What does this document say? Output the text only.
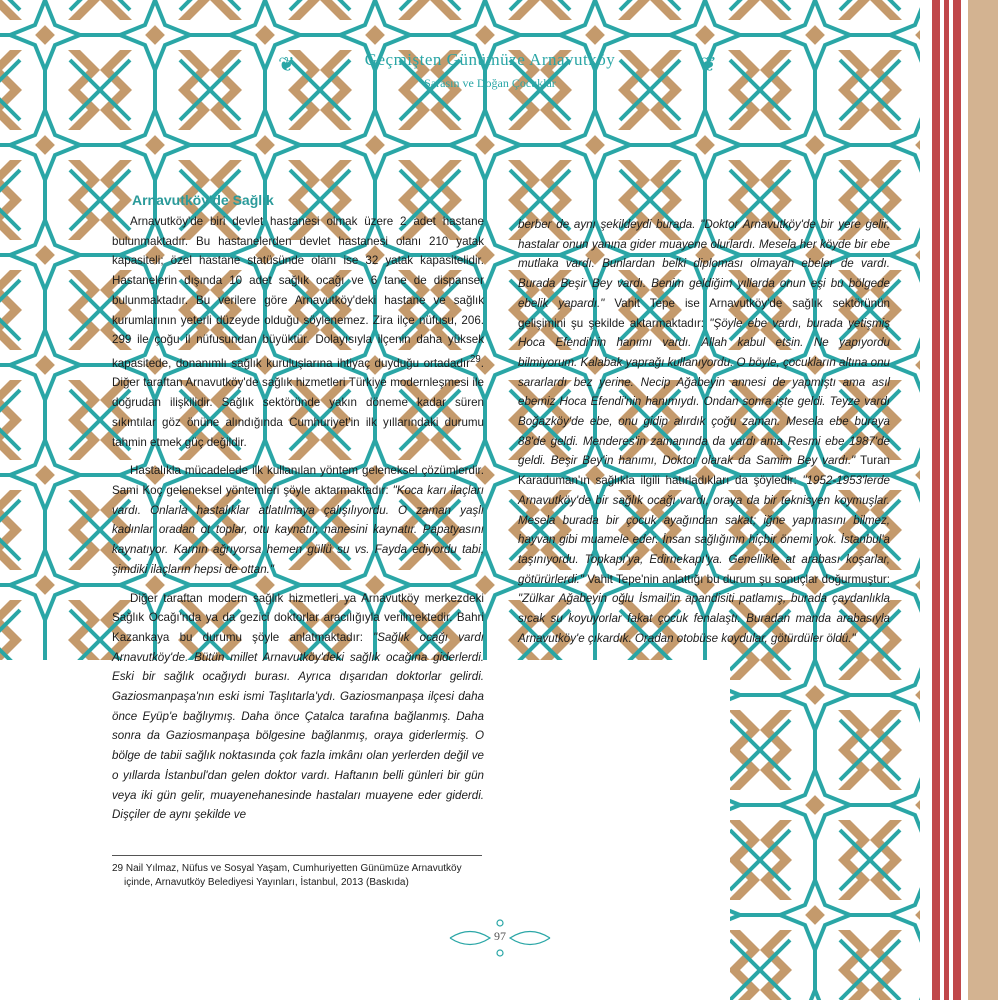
❦	❦
Geçmişten Günümüze Arnavutköy
Sarasın ve Doğan Çocuklar
Arnavutköy'de Sağlık

Arnavutköy'de biri devlet hastanesi olmak üzere 2 adet hastane bulunmaktadır. Bu hastanelerden devlet hastanesi olanı 210 yatak kapasiteli; özel hastane statüsünde olanı ise 32 yatak kapasitelidir. Hastanelerin dışında 10 adet sağlık ocağı ve 6 tane de dispanser bulunmaktadır. Bu verilere göre Arnavutköy'deki hastane ve sağlık kurumlarının yeterli düzeyde olduğu söylenemez. Zira ilçe nüfusu, 206. 299 ile çoğu il nüfusundan büyüktür. Dolayısıyla ilçenin daha yüksek kapasitede, donanımlı sağlık kuruluşlarına ihtiyaç duyduğu ortadadır$^{29}$. Diğer taraftan Arnavutköy'de sağlık hizmetleri Türkiye modernleşmesi ile doğrudan ilişkilidir. Sağlık sektöründe yakın döneme kadar süren sıkıntılar göz önüne alındığında Cumhuriyet'in ilk yıllarındaki durumu tahmin etmek güç değildir.

Hastalıkla mücadelede ilk kullanılan yöntem geleneksel çözümlerdir. Sami Koç geleneksel yöntemleri şöyle aktarmaktadır: "Koca karı ilaçları vardı. Onlarla hastalıklar atlatılmaya çalışılıyordu. O zaman yaşlı kadınlar oradan ot toplar, otu kaynatır, nanesini kaynatır. Papatyasını kaynatıyor. Karnın ağrıyorsa hemen güllü su vs. Fayda ediyordu tabi, şimdiki ilaçların hepsi de ottan."

Diğer taraftan modern sağlık hizmetleri ya Arnavutköy merkezdeki Sağlık Ocağı'nda ya da gezici doktorlar aracılığıyla verilmektedir. Bahri Kazankaya bu durumu şöyle anlatmaktadır: "Sağlık ocağı vardı Arnavutköy'de. Bütün millet Arnavutköy'deki sağlık ocağına giderlerdi. Eski bir sağlık ocağıydı burası. Ayrıca dışarıdan doktorlar gelirdi. Gaziosmanpaşa'nın eski ismi Taşlıtarla'ydı. Gaziosmanpaşa ilçesi daha önce Eyüp'e bağlıymış. Daha önce Çatalca tarafına bağlanmış. Daha sonra da Gaziosmanpaşa bölgesine bağlanmış, oraya giderlermiş. O bölge de tabii sağlık noktasında çok fazla imkânı olan yerlerden değil ve o yıllarda İstanbul'dan gelen doktor vardı. Haftanın belli günleri bir gün veya iki gün gelir, muayenehanesinde hastaları muayene eder giderdi. Dişçiler de aynı şekilde ve

berber de aynı şekildeydi burada. "Doktor Arnavutköy'de bir yere gelir, hastalar onun yanına gider muayene olurlardı. Mesela her köyde bir ebe mutlaka vardı. Bunlardan belki diploması olmayan ebeler de vardı. Burada Beşir Bey vardı. Benim geldiğim yıllarda onun eşi bu bölgede ebelik yapardı." Vahit Tepe ise Arnavutköy'de sağlık sektörünün gelişimini şu şekilde aktarmaktadır: "Şöyle ebe vardı, burada yetişmiş Hoca Efendi'nin hanımı vardı. Allah kabul etsin. Ne yapıyordu bilmiyorum. Kalabak yaprağı kullanıyordu. O böyle, çocukların altına onu sararlardı bez yerine. Necip Ağabeyin annesi de yapmıştı ama asıl ebemiz Hoca Efendi'nin hanımıydı. Ondan sonra işte geldi. Teyze vardı Boğazköy'de ebe, onu gidip alırdık çoğu zaman. Mesela ebe buraya 88'de geldi. Menderes'in zamanında da vardı ama Resmi ebe 1987'de geldi. Beşir Bey'in hanımı, Doktor olarak da Samim Bey vardı." Turan Karaduman'ın sağlıkla ilgili hatırladıkları da şöyledir: "1952-1953'lerde Arnavutköy'de bir sağlık ocağı vardı, oraya da bir teknisyen koymuşlar. Mesela burada bir çocuk ayağından sakat; iğne yapmasını bilmez, hayvan gibi muamele eder. İnsan sağlığının hiçbir önemi yok. İstanbul'a taşınıyordu. Topkapı'ya, Edirnekapı'ya. Genellikle at arabası koşarlar, götürürlerdi." Vahit Tepe'nin anlattığı bu durum şu sonuçlar doğurmuştur: "Zülkar Ağabeyin oğlu İsmail'in apandisiti patlamış, burada çaydanlıkla sıcak su koyuyorlar fakat çocuk fenalaştı. Buradan manda arabasıyla Arnavutköy'e çıkardık. Oradan otobüse koydular, götürdüler öldü."

29 Nail Yılmaz, Nüfus ve Sosyal Yaşam, Cumhuriyetten Günümüze Arnavutköy
içinde, Arnavutköy Belediyesi Yayınları, İstanbul, 2013 (Baskıda)
97
